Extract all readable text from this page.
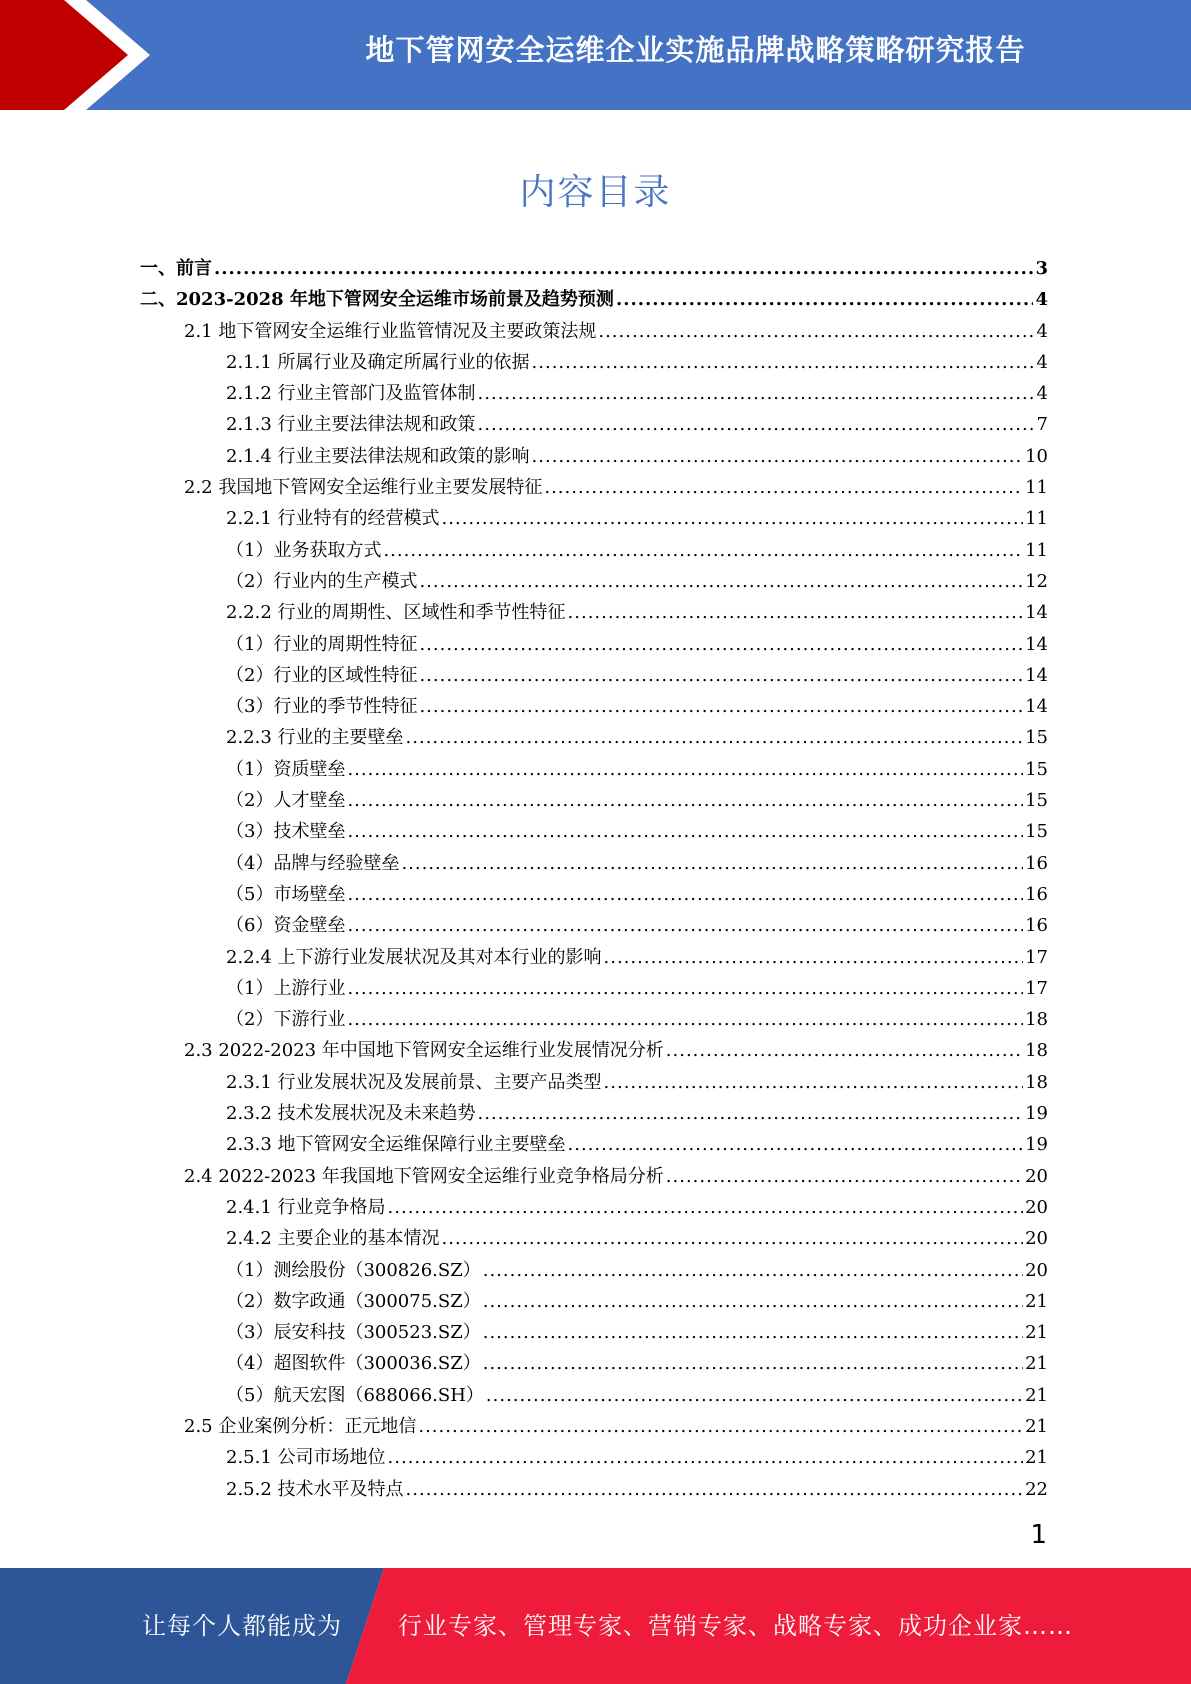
地下管网安全运维企业实施品牌战略策略研究报告
内容目录
一、前言 .....	3
二、2023-2028 年地下管网安全运维市场前景及趋势预测 .....	4
2.1 地下管网安全运维行业监管情况及主要政策法规 .....	4
2.1.1 所属行业及确定所属行业的依据 .....	4
2.1.2 行业主管部门及监管体制 .....	4
2.1.3 行业主要法律法规和政策 .....	7
2.1.4 行业主要法律法规和政策的影响 .....	10
2.2 我国地下管网安全运维行业主要发展特征 .....	11
2.2.1 行业特有的经营模式 .....	11
（1）业务获取方式 .....	11
（2）行业内的生产模式 .....	12
2.2.2 行业的周期性、区域性和季节性特征 .....	14
（1）行业的周期性特征 .....	14
（2）行业的区域性特征 .....	14
（3）行业的季节性特征 .....	14
2.2.3 行业的主要壁垒 .....	15
（1）资质壁垒 .....	15
（2）人才壁垒 .....	15
（3）技术壁垒 .....	15
（4）品牌与经验壁垒 .....	16
（5）市场壁垒 .....	16
（6）资金壁垒 .....	16
2.2.4 上下游行业发展状况及其对本行业的影响 .....	17
（1）上游行业 .....	17
（2）下游行业 .....	18
2.3 2022-2023 年中国地下管网安全运维行业发展情况分析 .....	18
2.3.1 行业发展状况及发展前景、主要产品类型 .....	18
2.3.2 技术发展状况及未来趋势 .....	19
2.3.3 地下管网安全运维保障行业主要壁垒 .....	19
2.4 2022-2023 年我国地下管网安全运维行业竞争格局分析 .....	20
2.4.1 行业竞争格局 .....	20
2.4.2 主要企业的基本情况 .....	20
（1）测绘股份（300826.SZ） .....	20
（2）数字政通（300075.SZ） .....	21
（3）辰安科技（300523.SZ） .....	21
（4）超图软件（300036.SZ） .....	21
（5）航天宏图（688066.SH） .....	21
2.5 企业案例分析：正元地信 .....	21
2.5.1 公司市场地位 .....	21
2.5.2 技术水平及特点 .....	22
1
让每个人都能成为 行业专家、管理专家、营销专家、战略专家、成功企业家……
